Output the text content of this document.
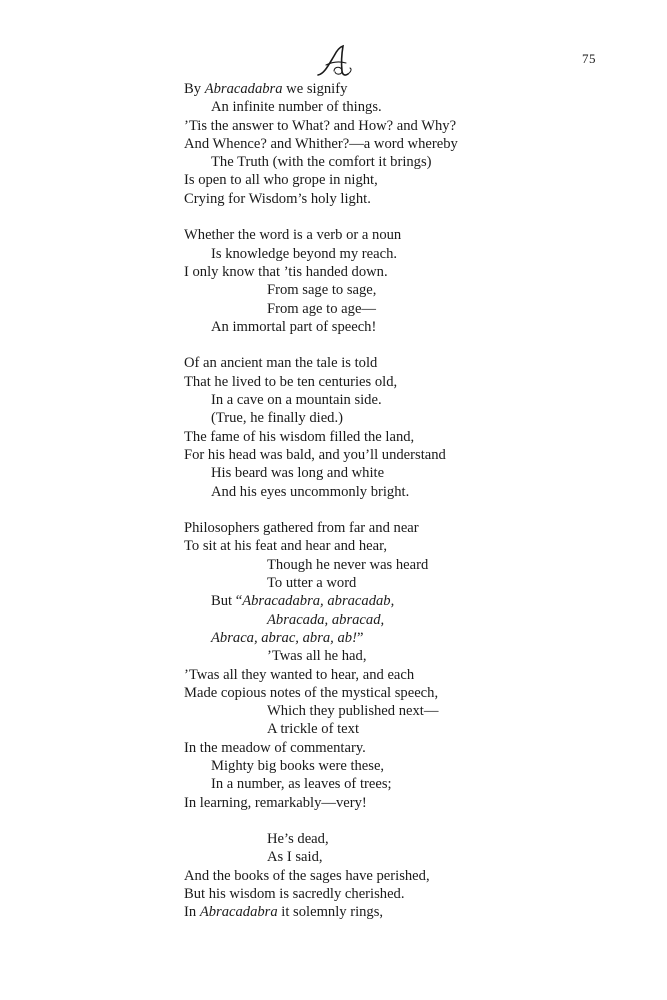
75
By Abracadabra we signify
An infinite number of things.
’Tis the answer to What? and How? and Why?
And Whence? and Whither?—a word whereby
The Truth (with the comfort it brings)
Is open to all who grope in night,
Crying for Wisdom’s holy light.
Whether the word is a verb or a noun
Is knowledge beyond my reach.
I only know that ’tis handed down.
From sage to sage,
From age to age—
An immortal part of speech!
Of an ancient man the tale is told
That he lived to be ten centuries old,
In a cave on a mountain side.
(True, he finally died.)
The fame of his wisdom filled the land,
For his head was bald, and you’ll understand
His beard was long and white
And his eyes uncommonly bright.
Philosophers gathered from far and near
To sit at his feat and hear and hear,
Though he never was heard
To utter a word
But “Abracadabra, abracadab,
Abracada, abracad,
Abraca, abrac, abra, ab!”
’Twas all he had,
’Twas all they wanted to hear, and each
Made copious notes of the mystical speech,
Which they published next—
A trickle of text
In the meadow of commentary.
Mighty big books were these,
In a number, as leaves of trees;
In learning, remarkably—very!
He’s dead,
As I said,
And the books of the sages have perished,
But his wisdom is sacredly cherished.
In Abracadabra it solemnly rings,
